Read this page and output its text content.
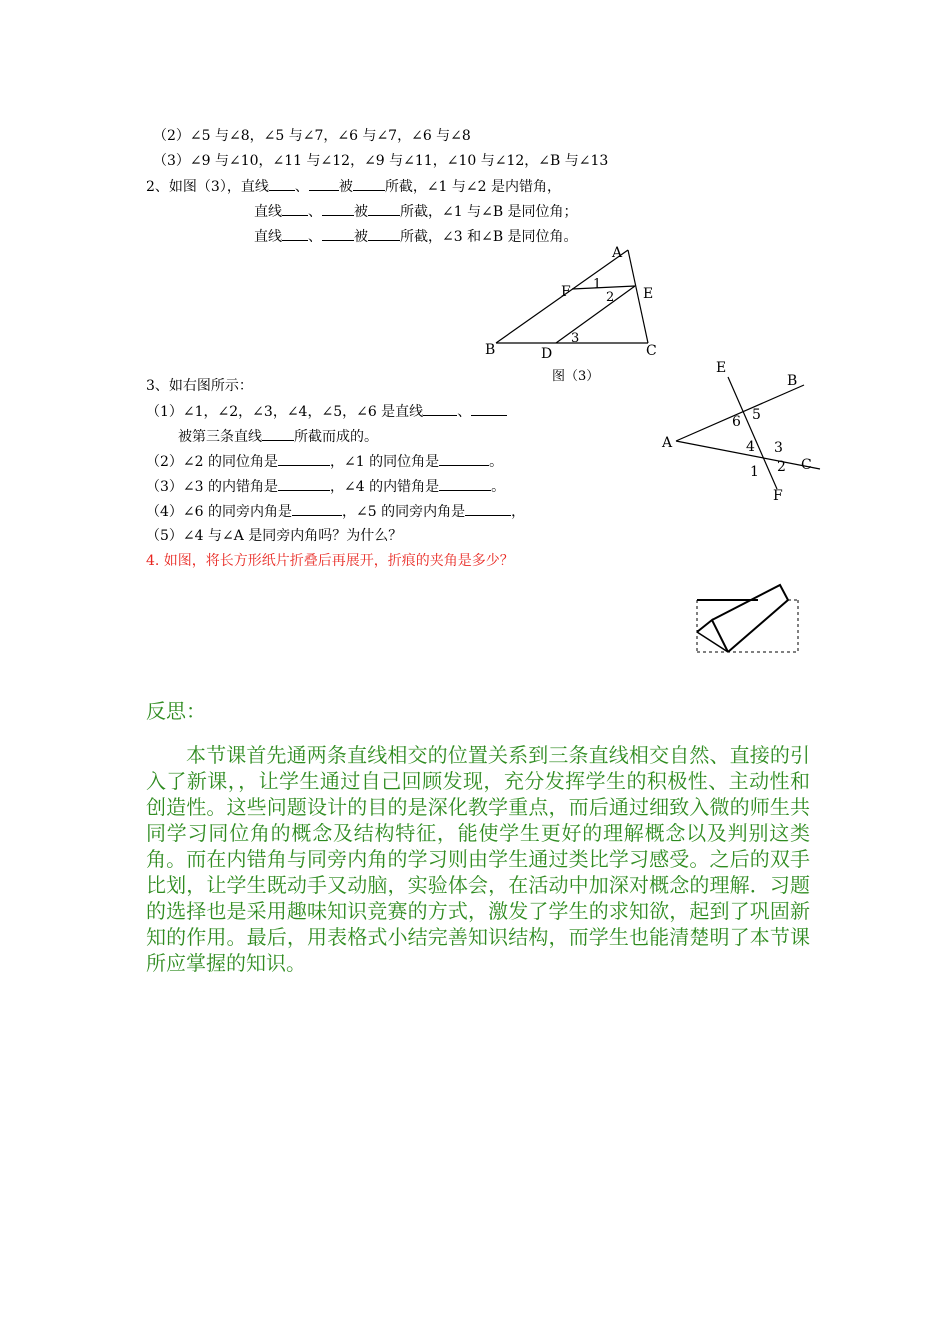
（2）∠5 与∠8，∠5 与∠7，∠6 与∠7，∠6 与∠8
（3）∠9 与∠10，∠11 与∠12，∠9 与∠11，∠10 与∠12，∠B 与∠13
2、如图（3），直线 、 被 所截，∠1 与∠2 是内错角，
直线 、 被 所截，∠1 与∠B 是同位角；
直线 、 被 所截，∠3 和∠B 是同位角。
A
F 1
E
2
3
B	D	C
图（3）
3、如右图所示：
（1）∠1，∠2，∠3，∠4，∠5，∠6 是直线 、
被第三条直线 所截而成的。
（2）∠2 的同位角是	，∠1 的同位角是	。
（3）∠3 的内错角是	，∠4 的内错角是	。
（4）∠6 的同旁内角是	，∠5 的同旁内角是	，
（5）∠4 与∠A 是同旁内角吗？为什么？
E
B
6 5
A	4 3
1 2 C
F
4. 如图，将长方形纸片折叠后再展开，折痕的夹角是多少？
反思：
本节课首先通两条直线相交的位置关系到三条直线相交自然、直接的引入了新课，，让学生通过自己回顾发现，充分发挥学生的积极性、主动性和创造性。这些问题设计的目的是深化教学重点，而后通过细致入微的师生共同学习同位角的概念及结构特征，能使学生更好的理解概念以及判别这类角。而在内错角与同旁内角的学习则由学生通过类比学习感受。之后的双手比划，让学生既动手又动脑，实验体会，在活动中加深对概念的理解．习题的选择也是采用趣味知识竞赛的方式，激发了学生的求知欲，起到了巩固新知的作用。最后，用表格式小结完善知识结构，而学生也能清楚明了本节课所应掌握的知识。
